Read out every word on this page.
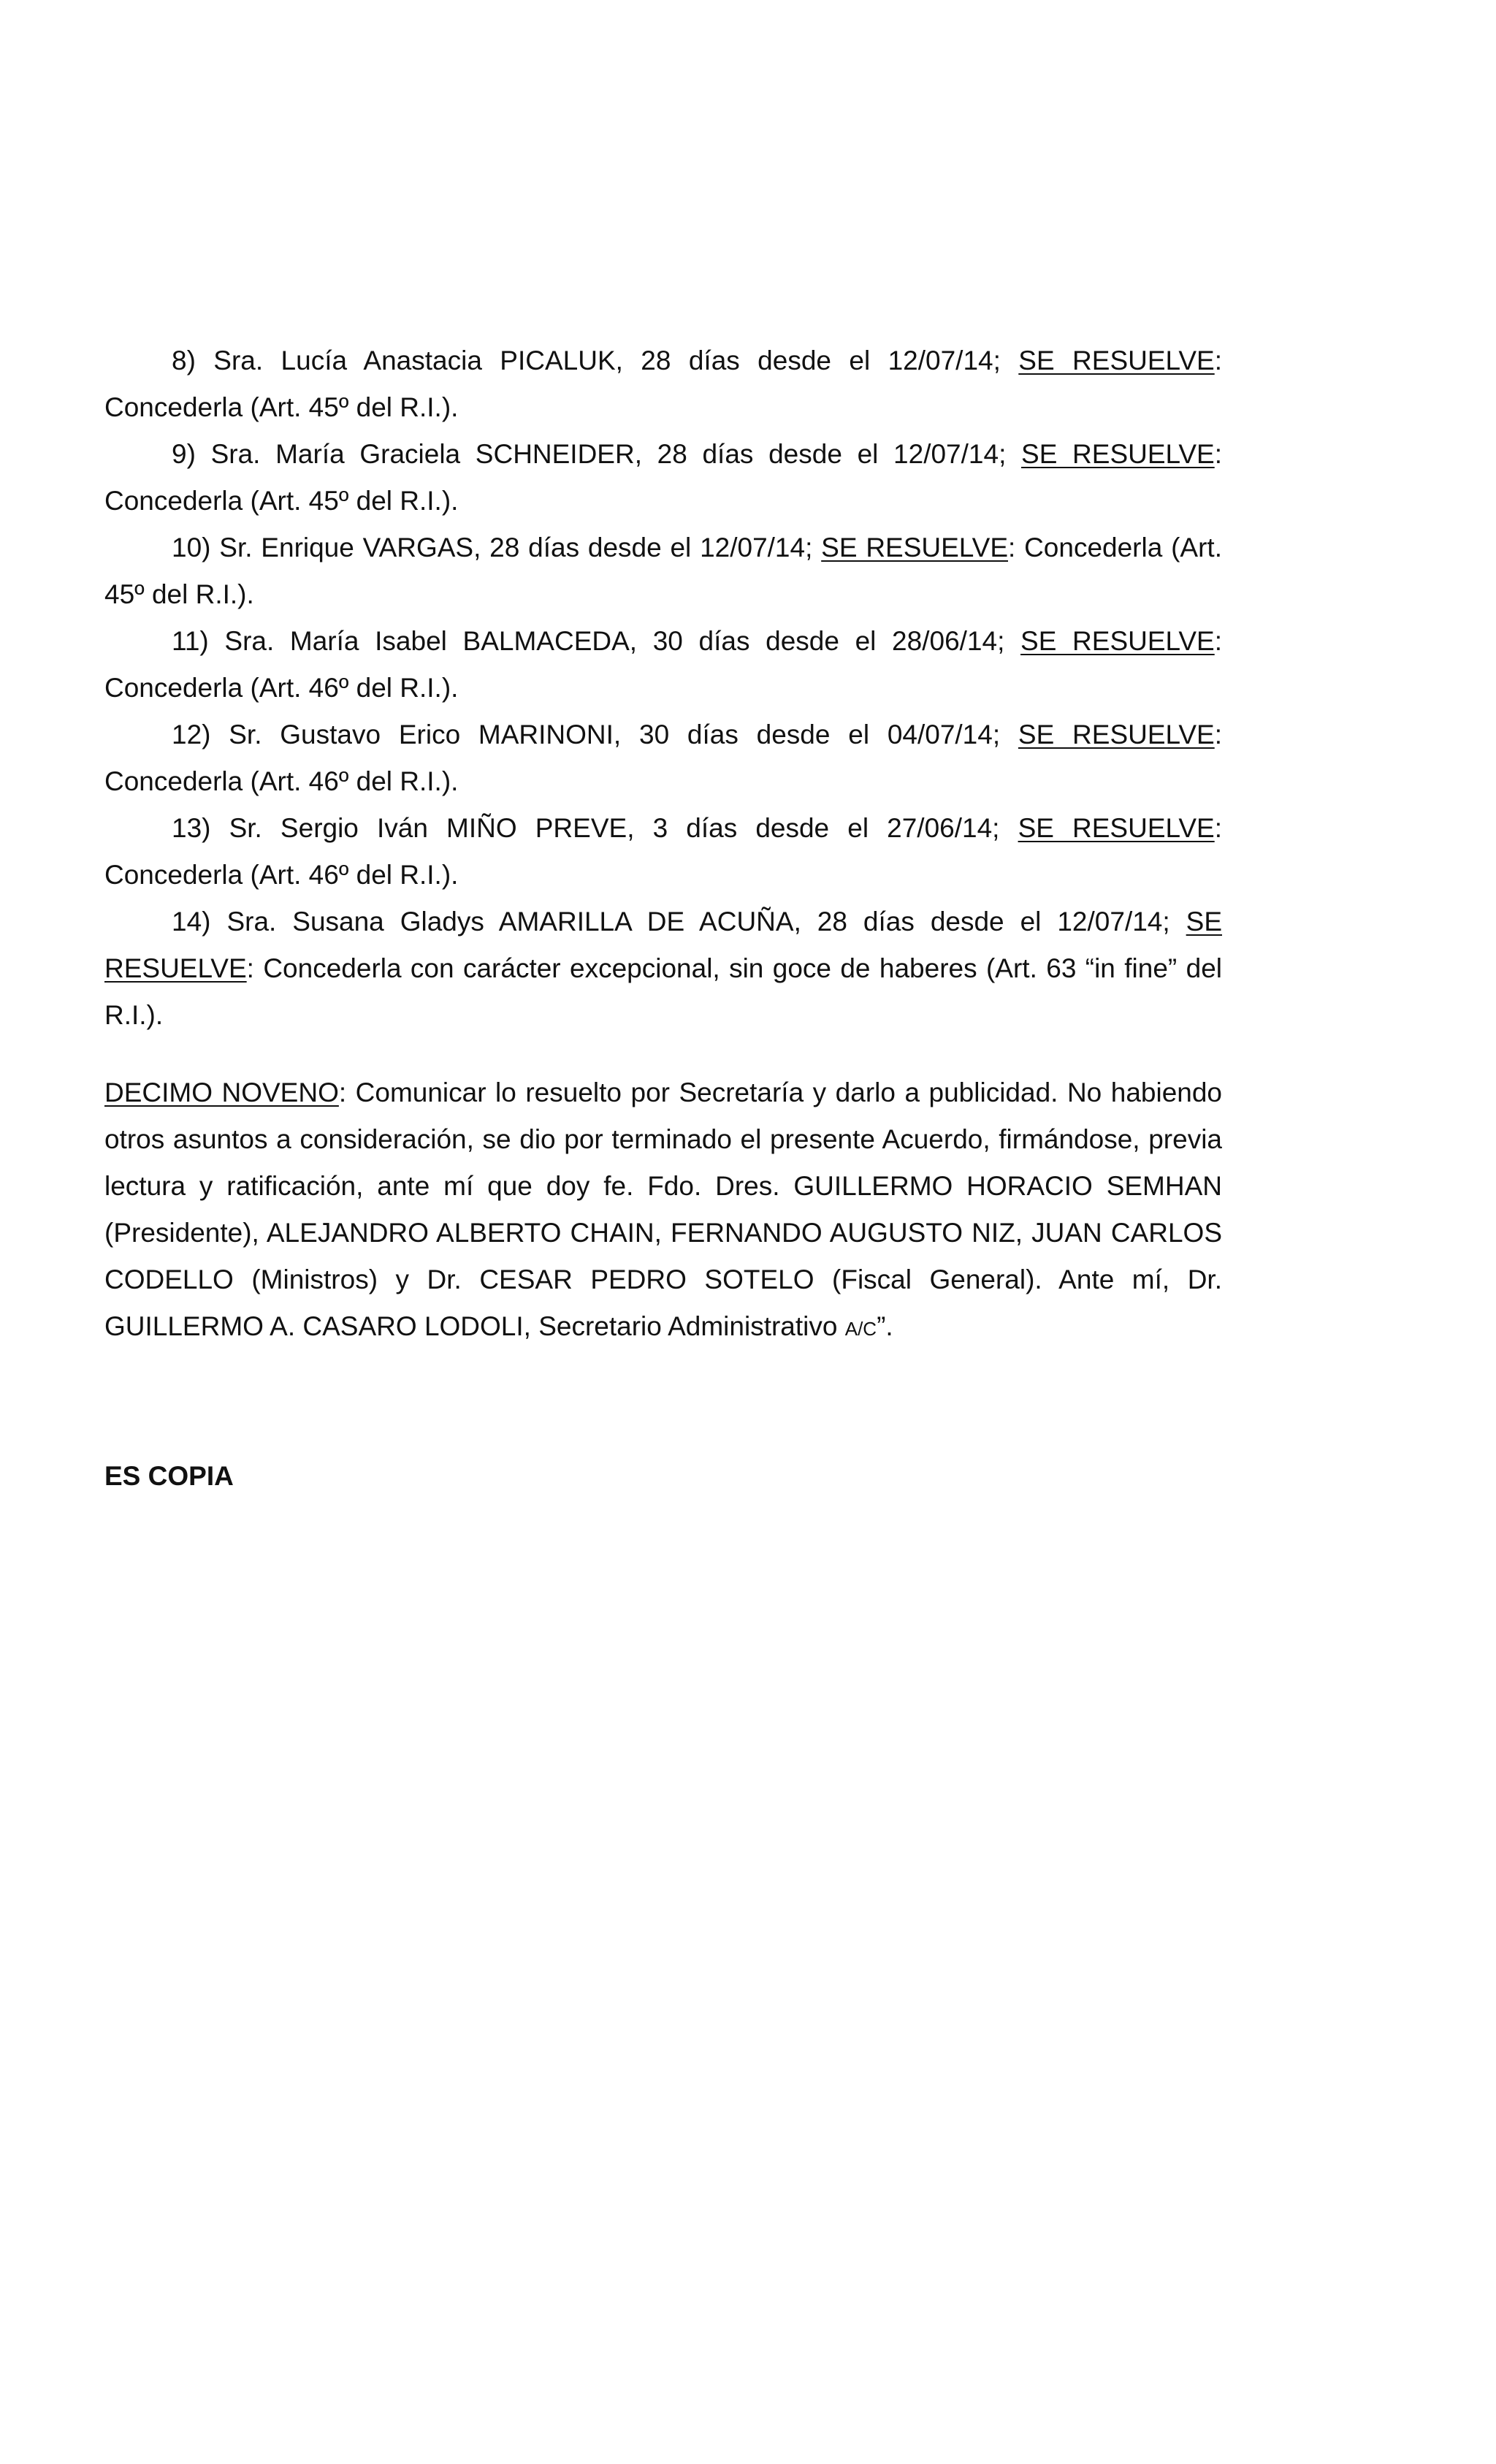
8) Sra. Lucía Anastacia PICALUK, 28 días desde el 12/07/14; SE RESUELVE: Concederla (Art. 45º del R.I.).

9) Sra. María Graciela SCHNEIDER, 28 días desde el 12/07/14; SE RESUELVE: Concederla (Art. 45º del R.I.).

10) Sr. Enrique VARGAS, 28 días desde el 12/07/14; SE RESUELVE: Concederla (Art. 45º del R.I.).

11) Sra. María Isabel BALMACEDA, 30 días desde el 28/06/14; SE RESUELVE: Concederla (Art. 46º del R.I.).

12) Sr. Gustavo Erico MARINONI, 30 días desde el 04/07/14; SE RESUELVE: Concederla (Art. 46º del R.I.).

13) Sr. Sergio Iván MIÑO PREVE, 3 días desde el 27/06/14; SE RESUELVE: Concederla (Art. 46º del R.I.).

14) Sra. Susana Gladys AMARILLA DE ACUÑA, 28 días desde el 12/07/14; SE RESUELVE: Concederla con carácter excepcional, sin goce de haberes (Art. 63 “in fine” del R.I.).

DECIMO NOVENO: Comunicar lo resuelto por Secretaría y darlo a publicidad. No habiendo otros asuntos a consideración, se dio por terminado el presente Acuerdo, firmándose, previa lectura y ratificación, ante mí que doy fe. Fdo. Dres. GUILLERMO HORACIO SEMHAN (Presidente), ALEJANDRO ALBERTO CHAIN, FERNANDO AUGUSTO NIZ, JUAN CARLOS CODELLO (Ministros) y Dr. CESAR PEDRO SOTELO (Fiscal General). Ante mí, Dr. GUILLERMO A. CASARO LODOLI, Secretario Administrativo A/C”.

ES COPIA
